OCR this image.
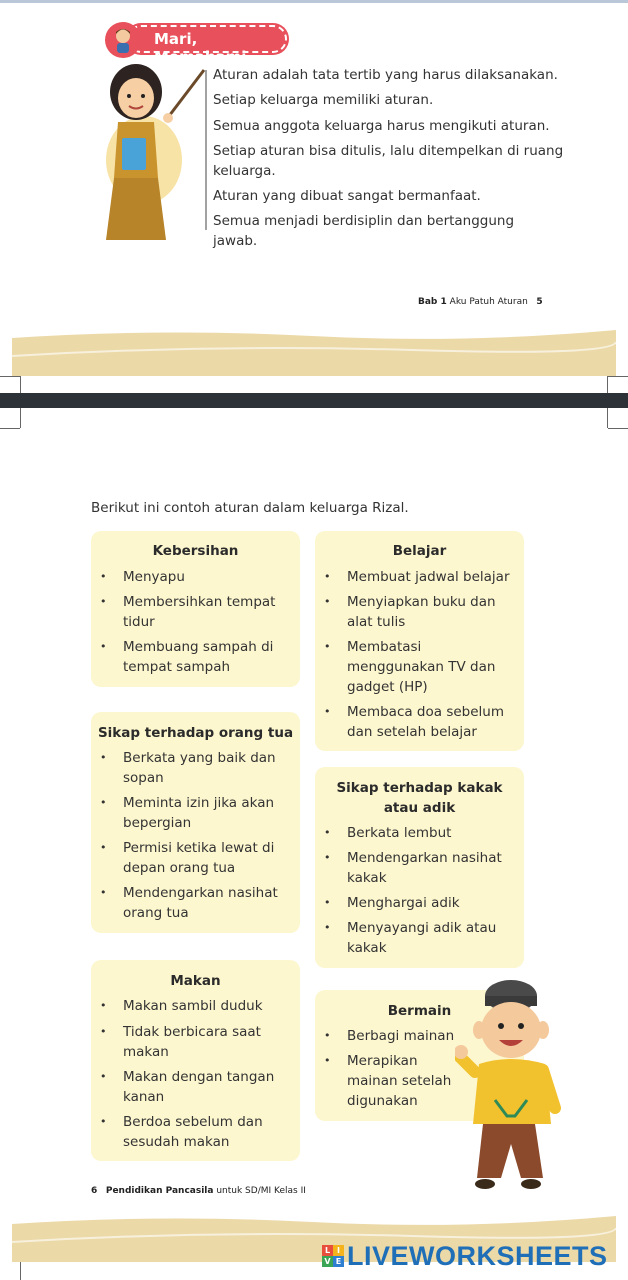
Mari, Memahami
Aturan adalah tata tertib yang harus dilaksanakan.
Setiap keluarga memiliki aturan.
Semua anggota keluarga harus mengikuti aturan.
Setiap aturan bisa ditulis, lalu ditempelkan di ruang
keluarga.
Aturan yang dibuat sangat bermanfaat.
Semua menjadi berdisiplin dan bertanggung
jawab.
Bab 1 Aku Patuh Aturan 5
Berikut ini contoh aturan dalam keluarga Rizal.
Kebersihan
• Menyapu
• Membersihkan tempat
tidur
• Membuang sampah di
tempat sampah
Belajar
• Membuat jadwal belajar
• Menyiapkan buku dan
alat tulis
• Membatasi
menggunakan TV dan
gadget (HP)
• Membaca doa sebelum
dan setelah belajar
Sikap terhadap orang tua
• Berkata yang baik dan
sopan
• Meminta izin jika akan
bepergian
• Permisi ketika lewat di
depan orang tua
• Mendengarkan nasihat
orang tua
Sikap terhadap kakak
atau adik
• Berkata lembut
• Mendengarkan nasihat
kakak
• Menghargai adik
• Menyayangi adik atau
kakak
Makan
• Makan sambil duduk
• Tidak berbicara saat
makan
• Makan dengan tangan
kanan
• Berdoa sebelum dan
sesudah makan
Bermain
• Berbagi mainan
• Merapikan
mainan setelah
digunakan
6 Pendidikan Pancasila untuk SD/MI Kelas II
L I
V E LIVEWORKSHEETS
